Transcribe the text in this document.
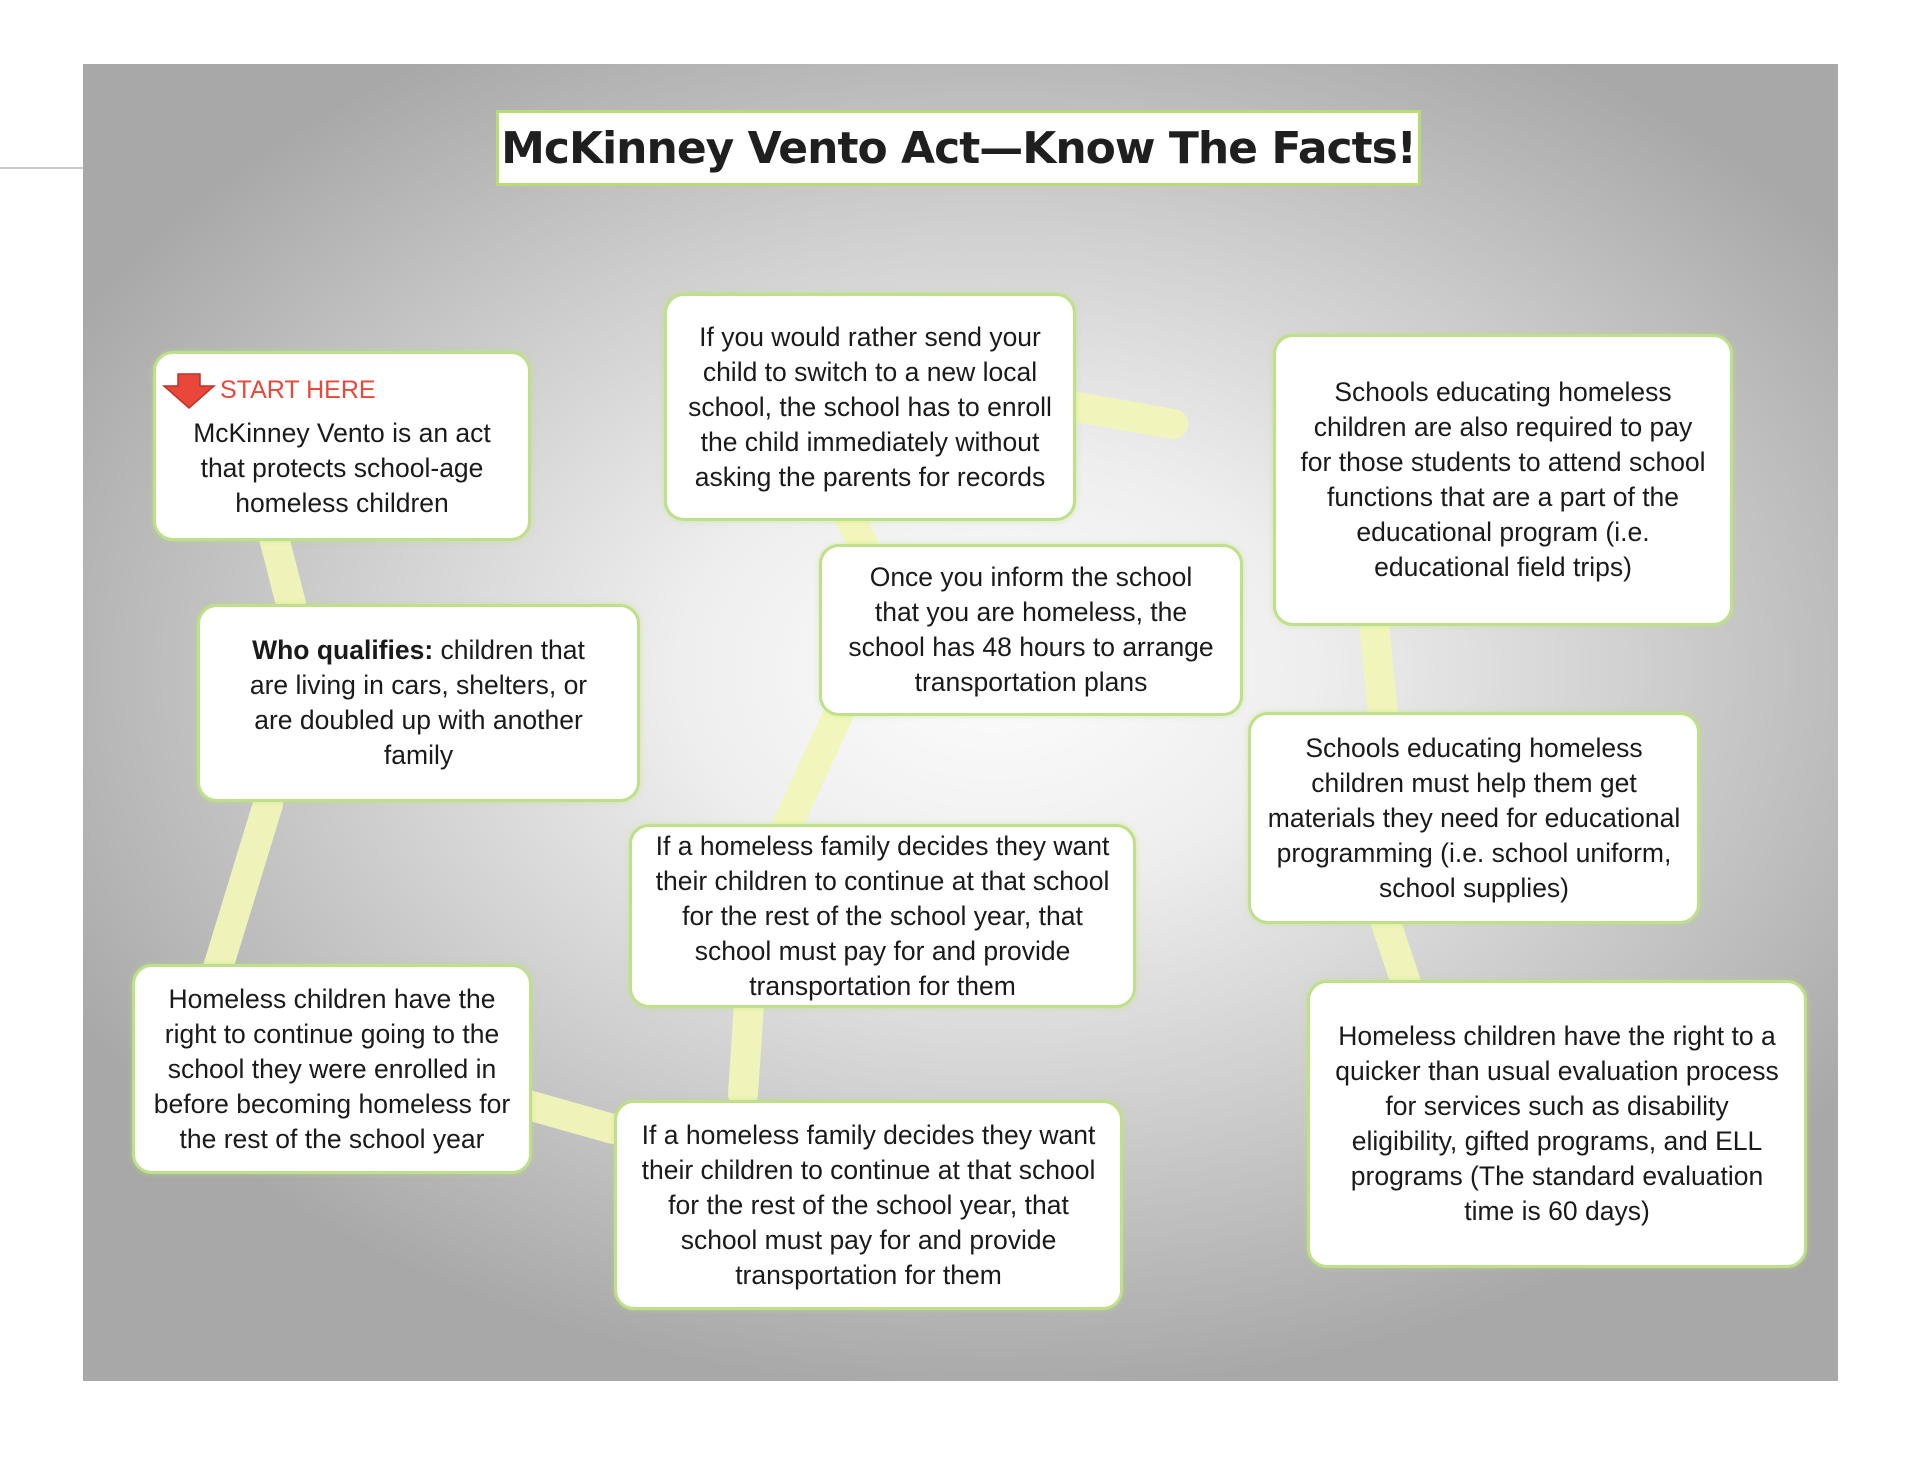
McKinney Vento Act—Know The Facts!
START HERE
McKinney Vento is an act that protects school-age homeless children
Who qualifies: children that are living in cars, shelters, or are doubled up with another family
Homeless children have the right to continue going to the school they were enrolled in before becoming homeless for the rest of the school year	If a homeless family decides they want their children to continue at that school for the rest of the school year, that school must pay for and provide transportation for them
If a homeless family decides they want their children to continue at that school for the rest of the school year, that school must pay for and provide transportation for them
Once you inform the school that you are homeless, the school has 48 hours to arrange transportation plans
If you would rather send your child to switch to a new local school, the school has to enroll the child immediately without asking the parents for records
Schools educating homeless children are also required to pay for those students to attend school functions that are a part of the educational program (i.e. educational field trips)
Schools educating homeless children must help them get materials they need for educational programming (i.e. school uniform, school supplies)
Homeless children have the right to a quicker than usual evaluation process for services such as disability eligibility, gifted programs, and ELL programs (The standard evaluation time is 60 days)
